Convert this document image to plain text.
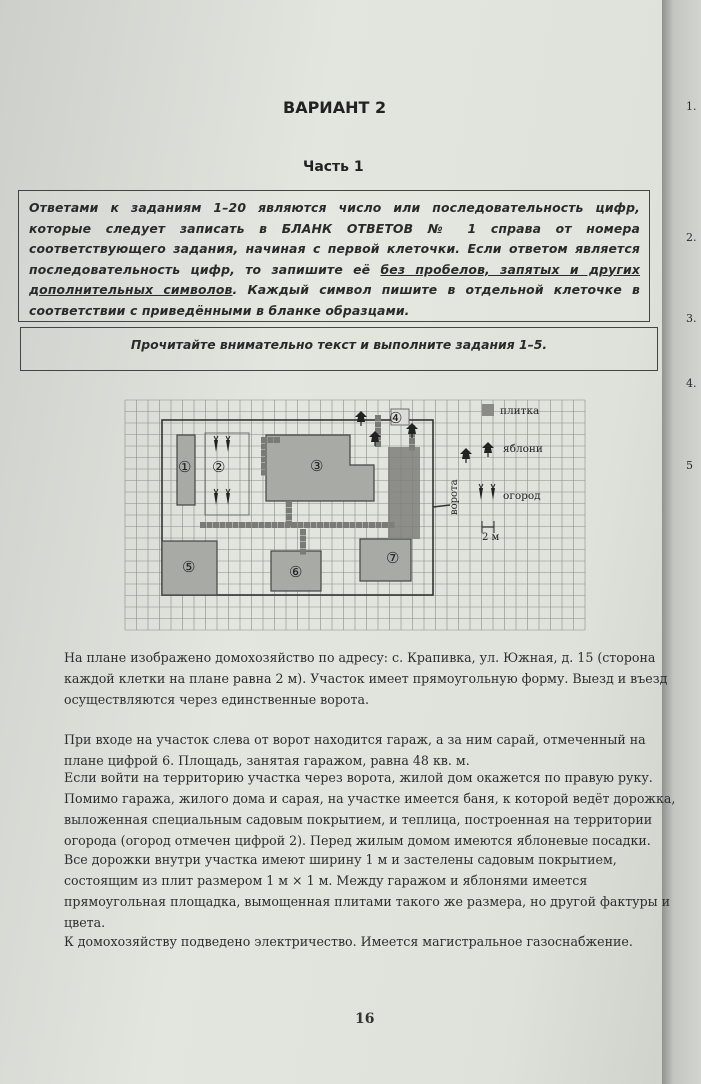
1.
2.
3.
4.
5
ВАРИАНТ 2
Часть 1

Ответами к заданиям 1–20 являются число или последовательность цифр, которые следует записать в БЛАНК ОТВЕТОВ № 1 справа от номера соответствующего задания, начиная с первой клеточки. Если ответом является последовательность цифр, то запишите её без пробелов, запятых и других дополнительных символов. Каждый символ пишите в отдельной клеточке в соответствии с приведёнными в бланке образцами.

Прочитайте внимательно текст и выполните задания 1–5.
① ②	③
④
⑤	⑥
⑦
ворота
плитка
яблони
огород
2 м

На плане изображено домохозяйство по адресу: с. Крапивка, ул. Южная, д. 15 (сторона каждой клетки на плане равна 2 м). Участок имеет прямоугольную форму. Выезд и въезд осуществляются через единственные ворота.

При входе на участок слева от ворот находится гараж, а за ним сарай, отмеченный на плане цифрой 6. Площадь, занятая гаражом, равна 48 кв. м.

Если войти на территорию участка через ворота, жилой дом окажется по правую руку. Помимо гаража, жилого дома и сарая, на участке имеется баня, к которой ведёт дорожка, выложенная специальным садовым покрытием, и теплица, построенная на территории огорода (огород отмечен цифрой 2). Перед жилым домом имеются яблоневые посадки.

Все дорожки внутри участка имеют ширину 1 м и застелены садовым покрытием, состоящим из плит размером 1 м × 1 м. Между гаражом и яблонями имеется прямоугольная площадка, вымощенная плитами такого же размера, но другой фактуры и цвета.

К домохозяйству подведено электричество. Имеется магистральное газоснабжение.

16
